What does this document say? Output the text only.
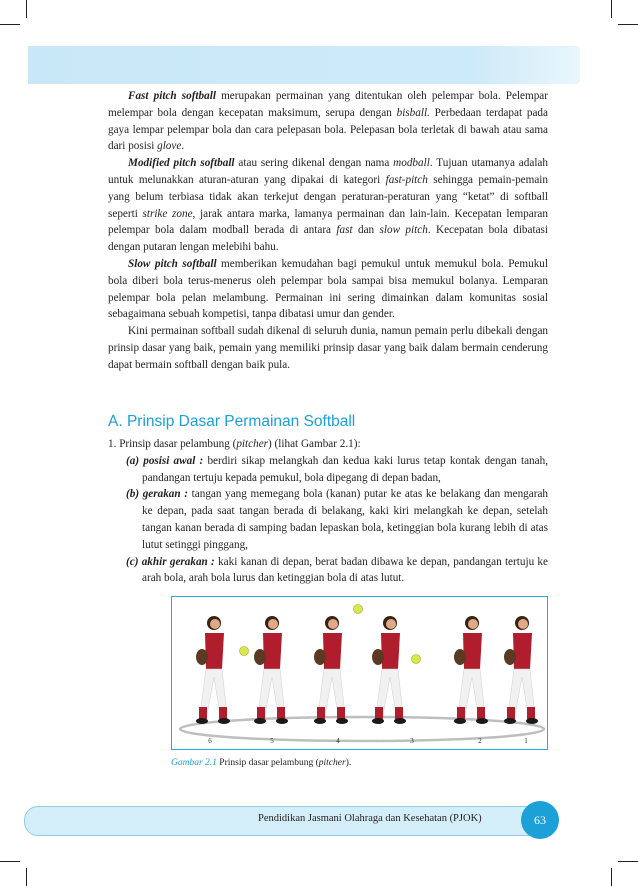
Fast pitch softball merupakan permainan yang ditentukan oleh pelempar bola. Pelempar melempar bola dengan kecepatan maksimum, serupa dengan bisball. Perbedaan terdapat pada gaya lempar pelempar bola dan cara pelepasan bola. Pelepasan bola terletak di bawah atau sama dari posisi glove.

Modified pitch softball atau sering dikenal dengan nama modball. Tujuan utamanya adalah untuk melunakkan aturan-aturan yang dipakai di kategori fast-pitch sehingga pemain-pemain yang belum terbiasa tidak akan terkejut dengan peraturan-peraturan yang “ketat” di softball seperti strike zone, jarak antara marka, lamanya permainan dan lain-lain. Kecepatan lemparan pelempar bola dalam modball berada di antara fast dan slow pitch. Kecepatan bola dibatasi dengan putaran lengan melebihi bahu.

Slow pitch softball memberikan kemudahan bagi pemukul untuk memukul bola. Pemukul bola diberi bola terus-menerus oleh pelempar bola sampai bisa memukul bolanya. Lemparan pelempar bola pelan melambung. Permainan ini sering dimainkan dalam komunitas sosial sebagaimana sebuah kompetisi, tanpa dibatasi umur dan gender.

Kini permainan softball sudah dikenal di seluruh dunia, namun pemain perlu dibekali dengan prinsip dasar yang baik, pemain yang memiliki prinsip dasar yang baik dalam bermain cenderung dapat bermain softball dengan baik pula.

A. Prinsip Dasar Permainan Softball
1. Prinsip dasar pelambung (pitcher) (lihat Gambar 2.1):
(a) posisi awal : berdiri sikap melangkah dan kedua kaki lurus tetap kontak dengan tanah, pandangan tertuju kepada pemukul, bola dipegang di depan badan,
(b) gerakan : tangan yang memegang bola (kanan) putar ke atas ke belakang dan mengarah ke depan, pada saat tangan berada di belakang, kaki kiri melangkah ke depan, setelah tangan kanan berada di samping badan lepaskan bola, ketinggian bola kurang lebih di atas lutut setinggi pinggang,
(c) akhir gerakan : kaki kanan di depan, berat badan dibawa ke depan, pandangan tertuju ke arah bola, arah bola lurus dan ketinggian bola di atas lutut.
6	5	4	3	2	1
Gambar 2.1 Prinsip dasar pelambung (pitcher).
Pendidikan Jasmani Olahraga dan Kesehatan (PJOK)	63
